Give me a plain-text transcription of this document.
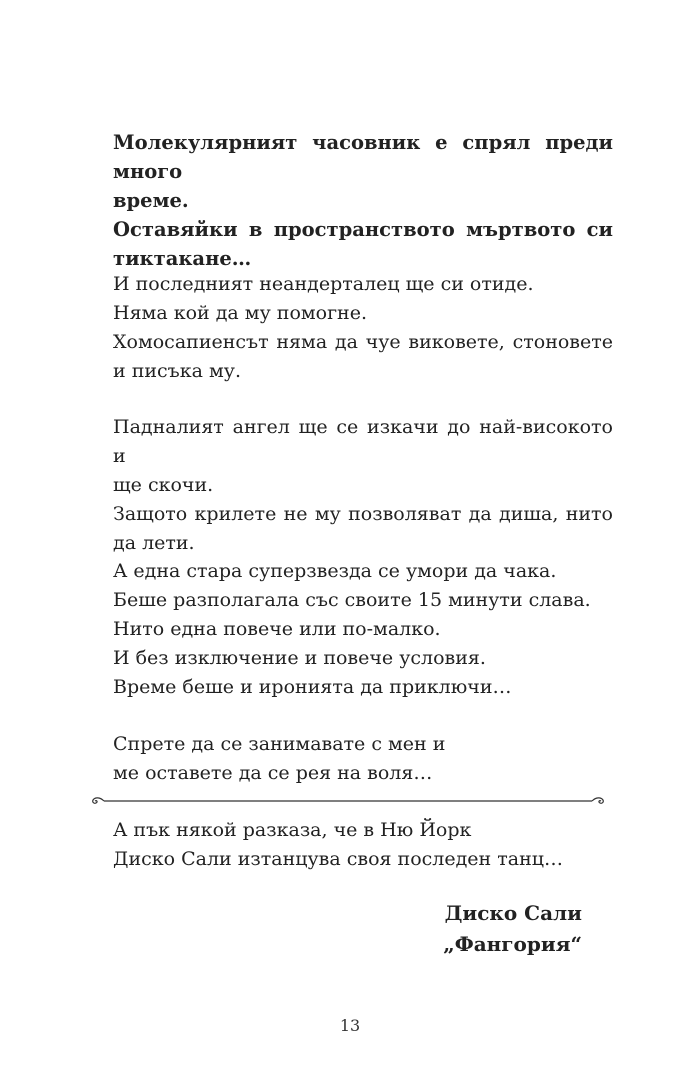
Молекулярният часовник е спрял преди много
време.
Оставяйки в пространството мъртвото си
тиктакане…
И последният неандерталец ще си отиде.
Няма кой да му помогне.
Хомосапиенсът няма да чуе виковете, стоновете
и писъка му.
Падналият ангел ще се изкачи до най-високото и
ще скочи.
Защото крилете не му позволяват да диша, нито
да лети.
А една стара суперзвезда се умори да чака.
Беше разполагала със своите 15 минути слава.
Нито една повече или по-малко.
И без изключение и повече условия.
Време беше и иронията да приключи…
Спрете да се занимавате с мен и
ме оставете да се рея на воля…
А пък някой разказа, че в Ню Йорк
Диско Сали изтанцува своя последен танц…
Диско Сали
„Фангория“
13
